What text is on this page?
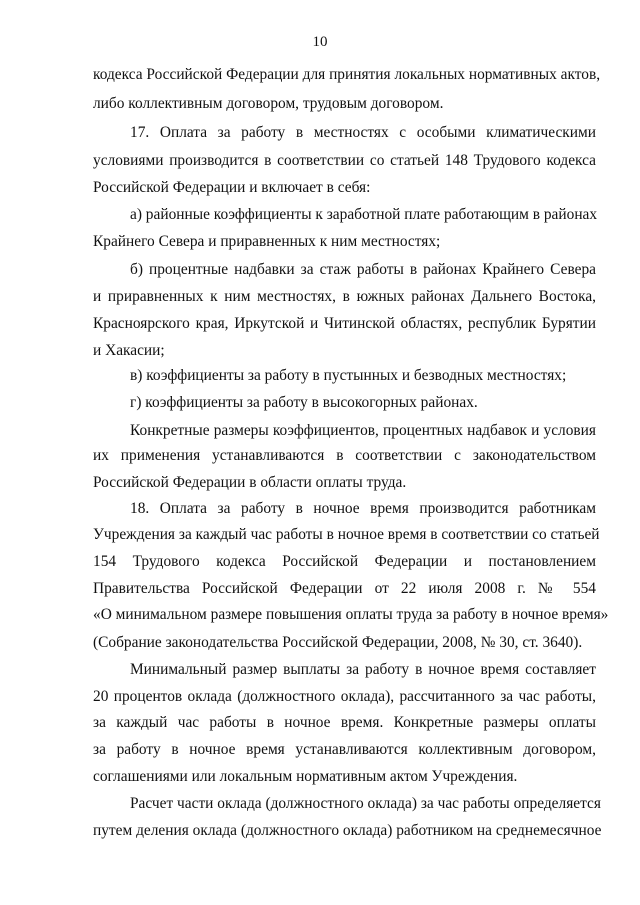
10
кодекса Российской Федерации для принятия локальных нормативных актов,
либо коллективным договором, трудовым договором.
17. Оплата за работу в местностях с особыми климатическими
условиями производится в соответствии со статьей 148 Трудового кодекса
Российской Федерации и включает в себя:
а) районные коэффициенты к заработной плате работающим в районах
Крайнего Севера и приравненных к ним местностях;
б) процентные надбавки за стаж работы в районах Крайнего Севера
и приравненных к ним местностях, в южных районах Дальнего Востока,
Красноярского края, Иркутской и Читинской областях, республик Бурятии
и Хакасии;
в) коэффициенты за работу в пустынных и безводных местностях;
г) коэффициенты за работу в высокогорных районах.
Конкретные размеры коэффициентов, процентных надбавок и условия
их применения устанавливаются в соответствии с законодательством
Российской Федерации в области оплаты труда.
18. Оплата за работу в ночное время производится работникам
Учреждения за каждый час работы в ночное время в соответствии со статьей
154 Трудового кодекса Российской Федерации и постановлением
Правительства Российской Федерации от 22 июля 2008 г. № 554
«О минимальном размере повышения оплаты труда за работу в ночное время»
(Собрание законодательства Российской Федерации, 2008, № 30, ст. 3640).
Минимальный размер выплаты за работу в ночное время составляет
20 процентов оклада (должностного оклада), рассчитанного за час работы,
за каждый час работы в ночное время. Конкретные размеры оплаты
за работу в ночное время устанавливаются коллективным договором,
соглашениями или локальным нормативным актом Учреждения.
Расчет части оклада (должностного оклада) за час работы определяется
путем деления оклада (должностного оклада) работником на среднемесячное
